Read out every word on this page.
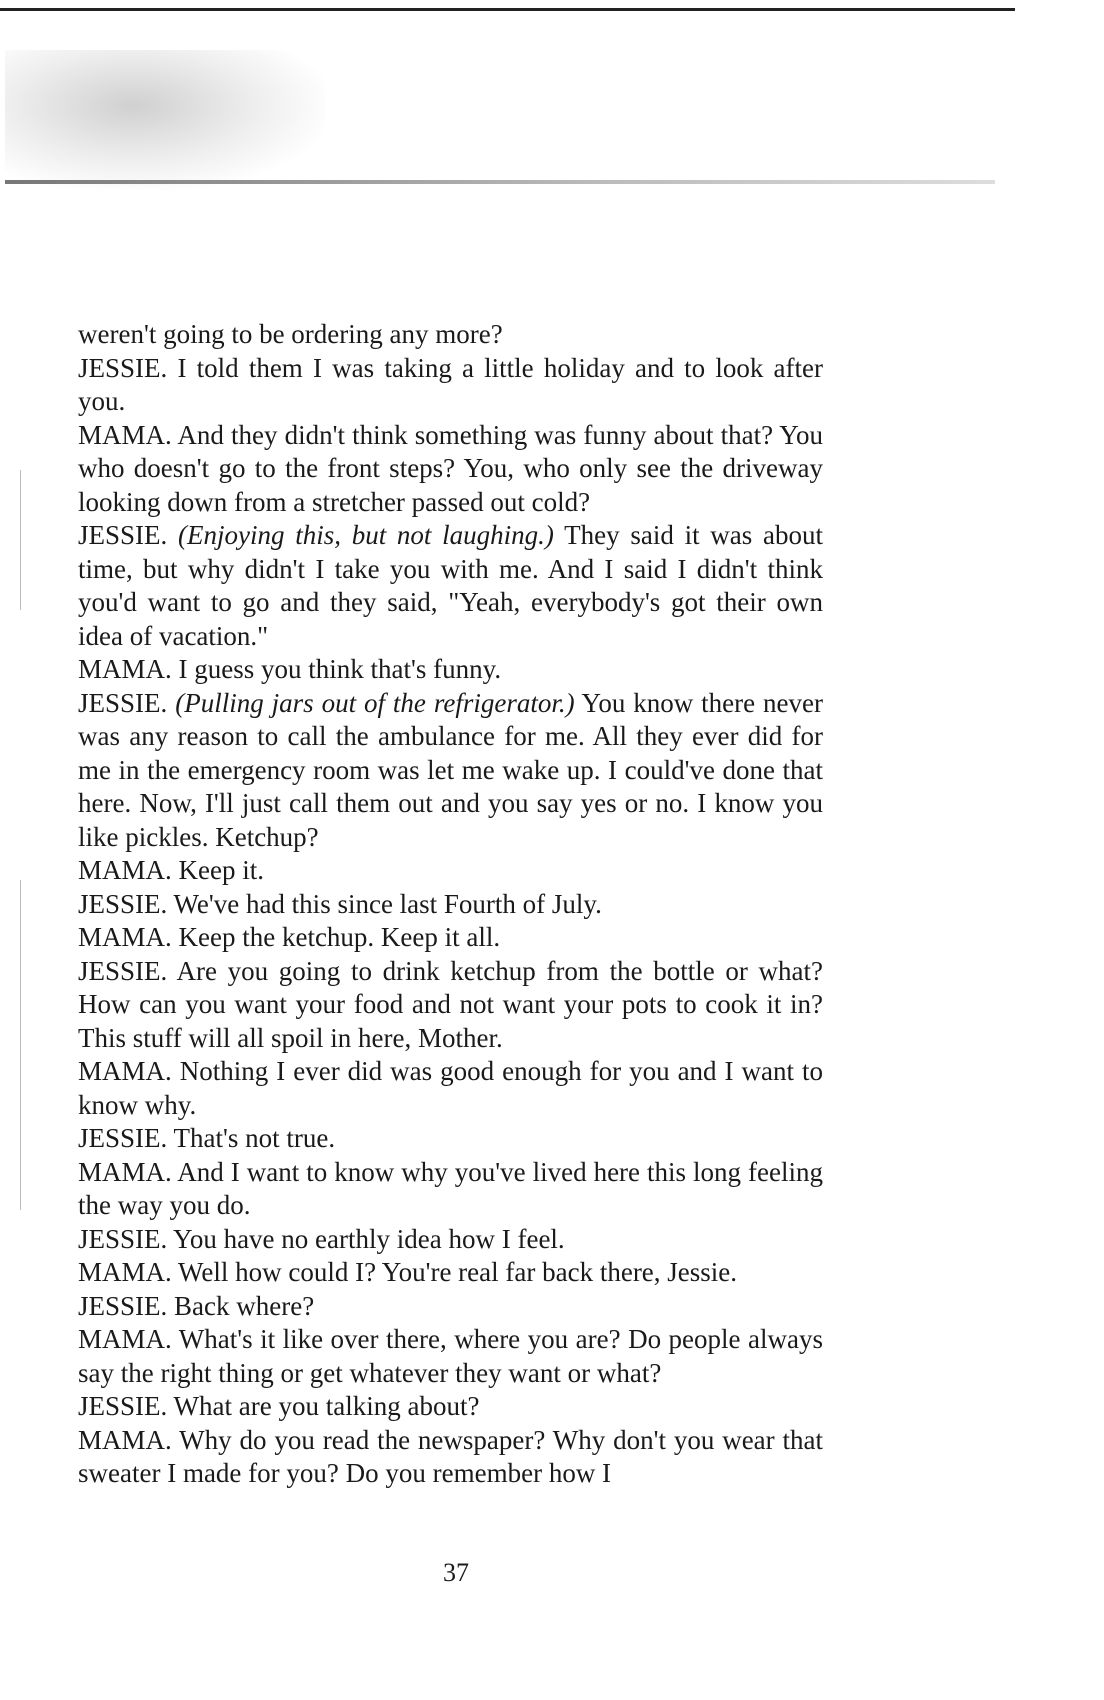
weren't going to be ordering any more?

JESSIE. I told them I was taking a little holiday and to look after you.

MAMA. And they didn't think something was funny about that? You who doesn't go to the front steps? You, who only see the driveway looking down from a stretcher passed out cold?

JESSIE. (Enjoying this, but not laughing.) They said it was about time, but why didn't I take you with me. And I said I didn't think you'd want to go and they said, "Yeah, everybody's got their own idea of vacation."

MAMA. I guess you think that's funny.

JESSIE. (Pulling jars out of the refrigerator.) You know there never was any reason to call the ambulance for me. All they ever did for me in the emergency room was let me wake up. I could've done that here. Now, I'll just call them out and you say yes or no. I know you like pickles. Ketchup?

MAMA. Keep it.

JESSIE. We've had this since last Fourth of July.

MAMA. Keep the ketchup. Keep it all.

JESSIE. Are you going to drink ketchup from the bottle or what? How can you want your food and not want your pots to cook it in? This stuff will all spoil in here, Mother.

MAMA. Nothing I ever did was good enough for you and I want to know why.

JESSIE. That's not true.

MAMA. And I want to know why you've lived here this long feeling the way you do.

JESSIE. You have no earthly idea how I feel.

MAMA. Well how could I? You're real far back there, Jessie.

JESSIE. Back where?

MAMA. What's it like over there, where you are? Do people always say the right thing or get whatever they want or what?

JESSIE. What are you talking about?

MAMA. Why do you read the newspaper? Why don't you wear that sweater I made for you? Do you remember how I

37
